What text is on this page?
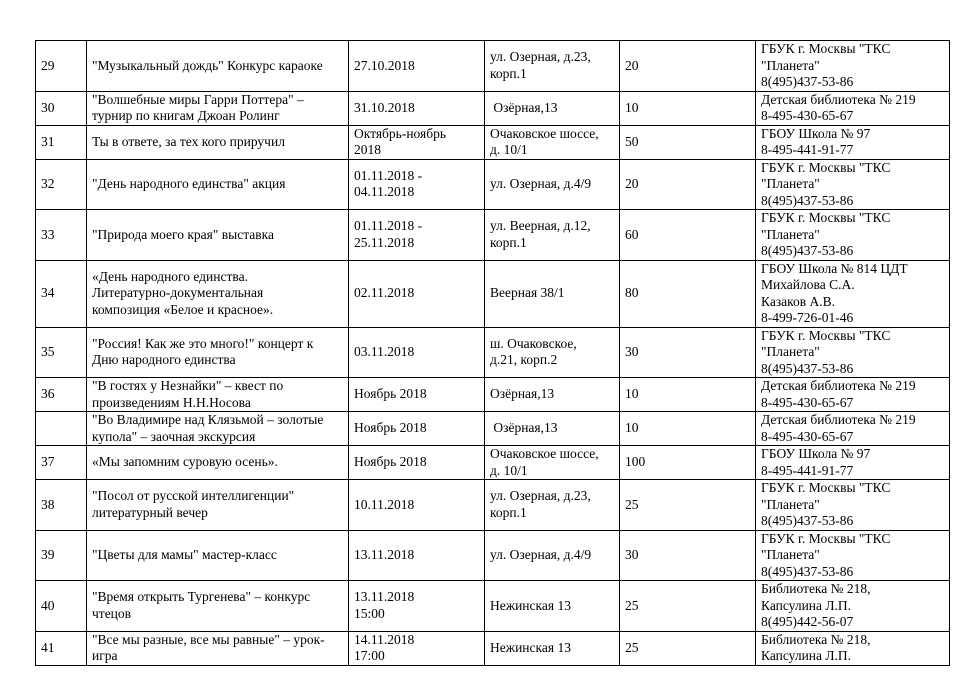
29	"Музыкальный дождь" Конкурс караоке	27.10.2018	ул. Озерная, д.23,
корп.1	20	ГБУК г. Москвы "ТКС
"Планета"
8(495)437-53-86

30	"Волшебные миры Гарри Поттера" –
турнир по книгам Джоан Ролинг	31.10.2018	Озёрная,13	10	Детская библиотека № 219
8-495-430-65-67

31	Ты в ответе, за тех кого приручил	Октябрь-ноябрь
2018	Очаковское шоссе,
д. 10/1	50	ГБОУ Школа № 97
8-495-441-91-77

32	"День народного единства" акция	01.11.2018 -
04.11.2018	ул. Озерная, д.4/9	20	ГБУК г. Москвы "ТКС
"Планета"
8(495)437-53-86

33	"Природа моего края" выставка	01.11.2018 -
25.11.2018	ул. Веерная, д.12,
корп.1	60	ГБУК г. Москвы "ТКС
"Планета"
8(495)437-53-86

34	«День народного единства.
Литературно-документальная
композиция «Белое и красное».	02.11.2018	Веерная 38/1	80	ГБОУ Школа № 814 ЦДТ
Михайлова С.А.
Казаков А.В.
8-499-726-01-46

35	"Россия! Как же это много!" концерт к
Дню народного единства	03.11.2018	ш. Очаковское,
д.21, корп.2	30	ГБУК г. Москвы "ТКС
"Планета"
8(495)437-53-86

36	"В гостях у Незнайки" – квест по
произведениям Н.Н.Носова	Ноябрь 2018	Озёрная,13	10	Детская библиотека № 219
8-495-430-65-67

	"Во Владимире над Клязьмой – золотые
купола" – заочная экскурсия	Ноябрь 2018	Озёрная,13	10	Детская библиотека № 219
8-495-430-65-67

37	«Мы запомним суровую осень».	Ноябрь 2018	Очаковское шоссе,
д. 10/1	100	ГБОУ Школа № 97
8-495-441-91-77

38	"Посол от русской интеллигенции"
литературный вечер	10.11.2018	ул. Озерная, д.23,
корп.1	25	ГБУК г. Москвы "ТКС
"Планета"
8(495)437-53-86

39	"Цветы для мамы" мастер-класс	13.11.2018	ул. Озерная, д.4/9	30	ГБУК г. Москвы "ТКС
"Планета"
8(495)437-53-86

40	"Время открыть Тургенева" – конкурс
чтецов	13.11.2018
15:00	Нежинская 13	25	Библиотека № 218,
Капсулина Л.П.
8(495)442-56-07

41	"Все мы разные, все мы равные" – урок-
игра	14.11.2018
17:00	Нежинская 13	25	Библиотека № 218,
Капсулина Л.П.
